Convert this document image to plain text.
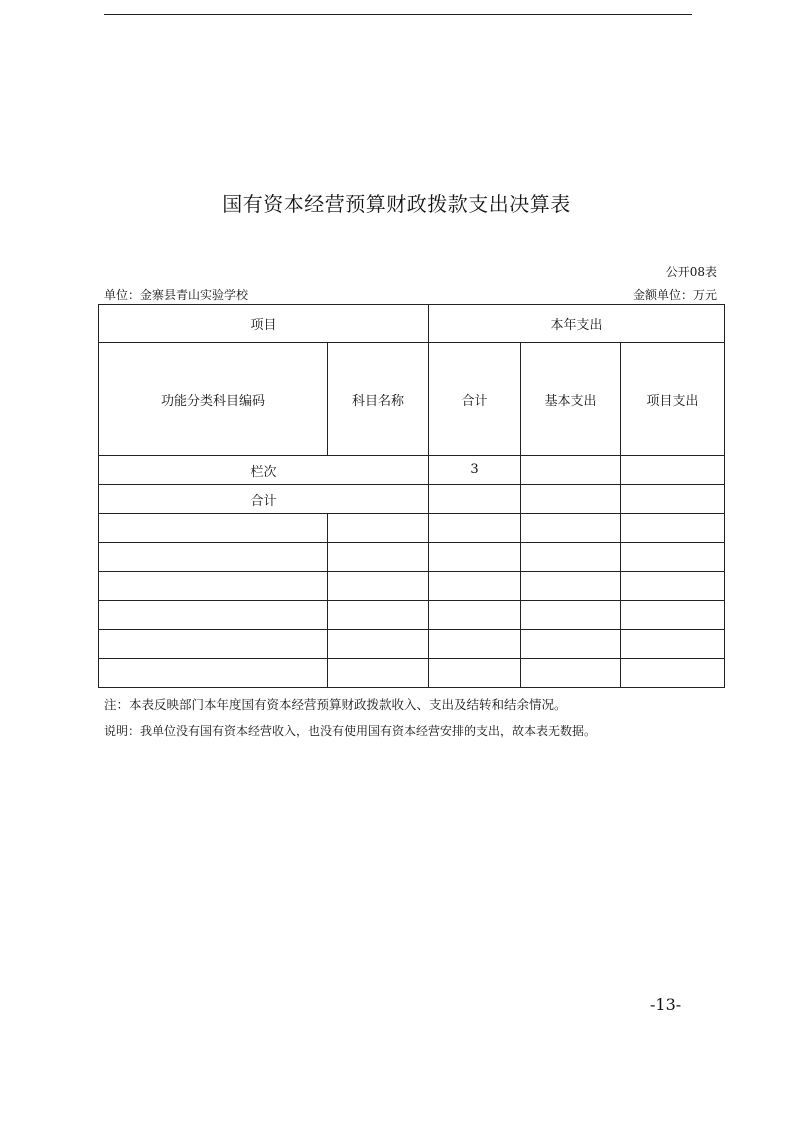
国有资本经营预算财政拨款支出决算表
公开08表
单位：金寨县青山实验学校	金额单位：万元
项目		本年支出		
功能分类科目编码	科目名称	合计	基本支出	项目支出
栏次		3		
合计				

注：本表反映部门本年度国有资本经营预算财政拨款收入、支出及结转和结余情况。
说明：我单位没有国有资本经营收入，也没有使用国有资本经营安排的支出，故本表无数据。
-13-
